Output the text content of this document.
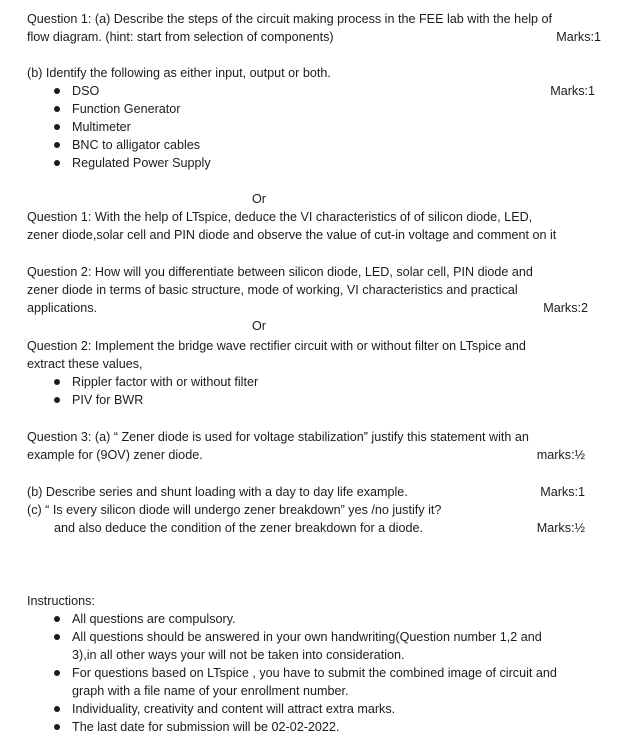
Question 1: (a) Describe the steps of the circuit making process in the FEE lab with the help of
flow diagram. (hint: start from selection of components)	Marks:1
(b) Identify the following as either input, output or both.
Marks:1
DSO
Function Generator
Multimeter
BNC to alligator cables
Regulated Power Supply
Or
Question 1: With the help of LTspice, deduce the VI characteristics of of silicon diode, LED,
zener diode,solar cell and PIN diode and observe the value of cut-in voltage and comment on it
Question 2: How will you differentiate between silicon diode, LED, solar cell, PIN diode and
zener diode in terms of basic structure, mode of working, VI characteristics and practical
applications.	Marks:2
Or
Question 2: Implement the bridge wave rectifier circuit with or without filter on LTspice and
extract these values,
Rippler factor with or without filter
PIV for BWR
Question 3: (a) “ Zener diode is used for voltage stabilization” justify this statement with an
example for (9OV) zener diode.	marks:½
(b) Describe series and shunt loading with a day to day life example.	Marks:1
(c) “ Is every silicon diode will undergo zener breakdown” yes /no justify it?
and also deduce the condition of the zener breakdown for a diode.	Marks:½
Instructions:
All questions are compulsory.
All questions should be answered in your own handwriting(Question number 1,2 and
3),in all other ways your will not be taken into consideration.
For questions based on LTspice , you have to submit the combined image of circuit and
graph with a file name of your enrollment number.
Individuality, creativity and content will attract extra marks.
The last date for submission will be 02-02-2022.
